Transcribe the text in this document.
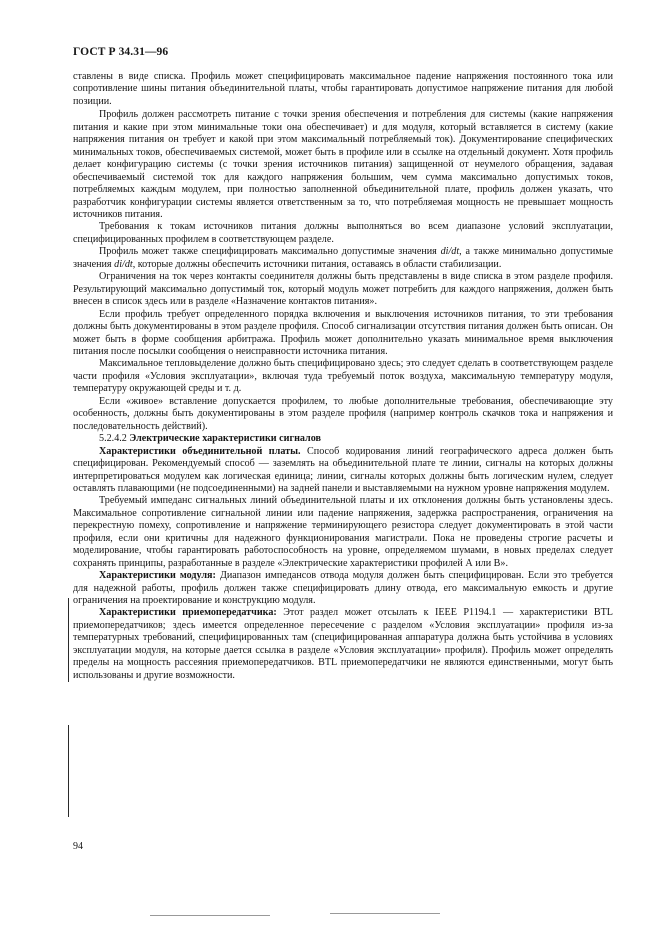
ГОСТ Р 34.31—96

ставлены в виде списка. Профиль может специфицировать максимальное падение напряжения постоянного тока или сопротивление шины питания объединительной платы, чтобы гарантировать допустимое напряжение питания для любой позиции.

Профиль должен рассмотреть питание с точки зрения обеспечения и потребления для системы (какие напряжения питания и какие при этом минимальные токи она обеспечивает) и для модуля, который вставляется в систему (какие напряжения питания он требует и какой при этом максимальный потребляемый ток). Документирование специфических минимальных токов, обеспечиваемых системой, может быть в профиле или в ссылке на отдельный документ. Хотя профиль делает конфигурацию системы (с точки зрения источников питания) защищенной от неумелого обращения, задавая обеспечиваемый системой ток для каждого напряжения большим, чем сумма максимально допустимых токов, потребляемых каждым модулем, при полностью заполненной объединительной плате, профиль должен указать, что разработчик конфигурации системы является ответственным за то, что потребляемая мощность не превышает мощность источников питания.

Требования к токам источников питания должны выполняться во всем диапазоне условий эксплуатации, специфицированных профилем в соответствующем разделе.

Профиль может также специфицировать максимально допустимые значения di/dt, а также минимально допустимые значения di/dt, которые должны обеспечить источники питания, оставаясь в области стабилизации.

Ограничения на ток через контакты соединителя должны быть представлены в виде списка в этом разделе профиля. Результирующий максимально допустимый ток, который модуль может потребить для каждого напряжения, должен быть внесен в список здесь или в разделе «Назначение контактов питания».

Если профиль требует определенного порядка включения и выключения источников питания, то эти требования должны быть документированы в этом разделе профиля. Способ сигнализации отсутствия питания должен быть описан. Он может быть в форме сообщения арбитража. Профиль может дополнительно указать минимальное время выключения питания после посылки сообщения о неисправности источника питания.

Максимальное тепловыделение должно быть специфицировано здесь; это следует сделать в соответствующем разделе части профиля «Условия эксплуатации», включая туда требуемый поток воздуха, максимальную температуру модуля, температуру окружающей среды и т. д.

Если «живое» вставление допускается профилем, то любые дополнительные требования, обеспечивающие эту особенность, должны быть документированы в этом разделе профиля (например контроль скачков тока и напряжения и последовательность действий).

5.2.4.2 Электрические характеристики сигналов

Характеристики объединительной платы. Способ кодирования линий географического адреса должен быть специфицирован. Рекомендуемый способ — заземлять на объединительной плате те линии, сигналы на которых должны интерпретироваться модулем как логическая единица; линии, сигналы которых должны быть логическим нулем, следует оставлять плавающими (не подсоединенными) на задней панели и выставляемыми на нужном уровне напряжения модулем.

Требуемый импеданс сигнальных линий объединительной платы и их отклонения должны быть установлены здесь. Максимальное сопротивление сигнальной линии или падение напряжения, задержка распространения, ограничения на перекрестную помеху, сопротивление и напряжение терминирующего резистора следует документировать в этой части профиля, если они критичны для надежного функционирования магистрали. Пока не проведены строгие расчеты и моделирование, чтобы гарантировать работоспособность на уровне, определяемом шумами, в новых пределах следует сохранять принципы, разработанные в разделе «Электрические характеристики профилей А или В».

Характеристики модуля: Диапазон импедансов отвода модуля должен быть специфицирован. Если это требуется для надежной работы, профиль должен также специфицировать длину отвода, его максимальную емкость и другие ограничения на проектирование и конструкцию модуля.

Характеристики приемопередатчика: Этот раздел может отсылать к IEEE P1194.1 — характеристики BTL приемопередатчиков; здесь имеется определенное пересечение с разделом «Условия эксплуатации» профиля из-за температурных требований, специфицированных там (специфицированная аппаратура должна быть устойчива в условиях эксплуатации модуля, на которые дается ссылка в разделе «Условия эксплуатации» профиля). Профиль может определять пределы на мощность рассеяния приемопередатчиков. BTL приемопередатчики не являются единственными, могут быть использованы и другие возможности.

94
